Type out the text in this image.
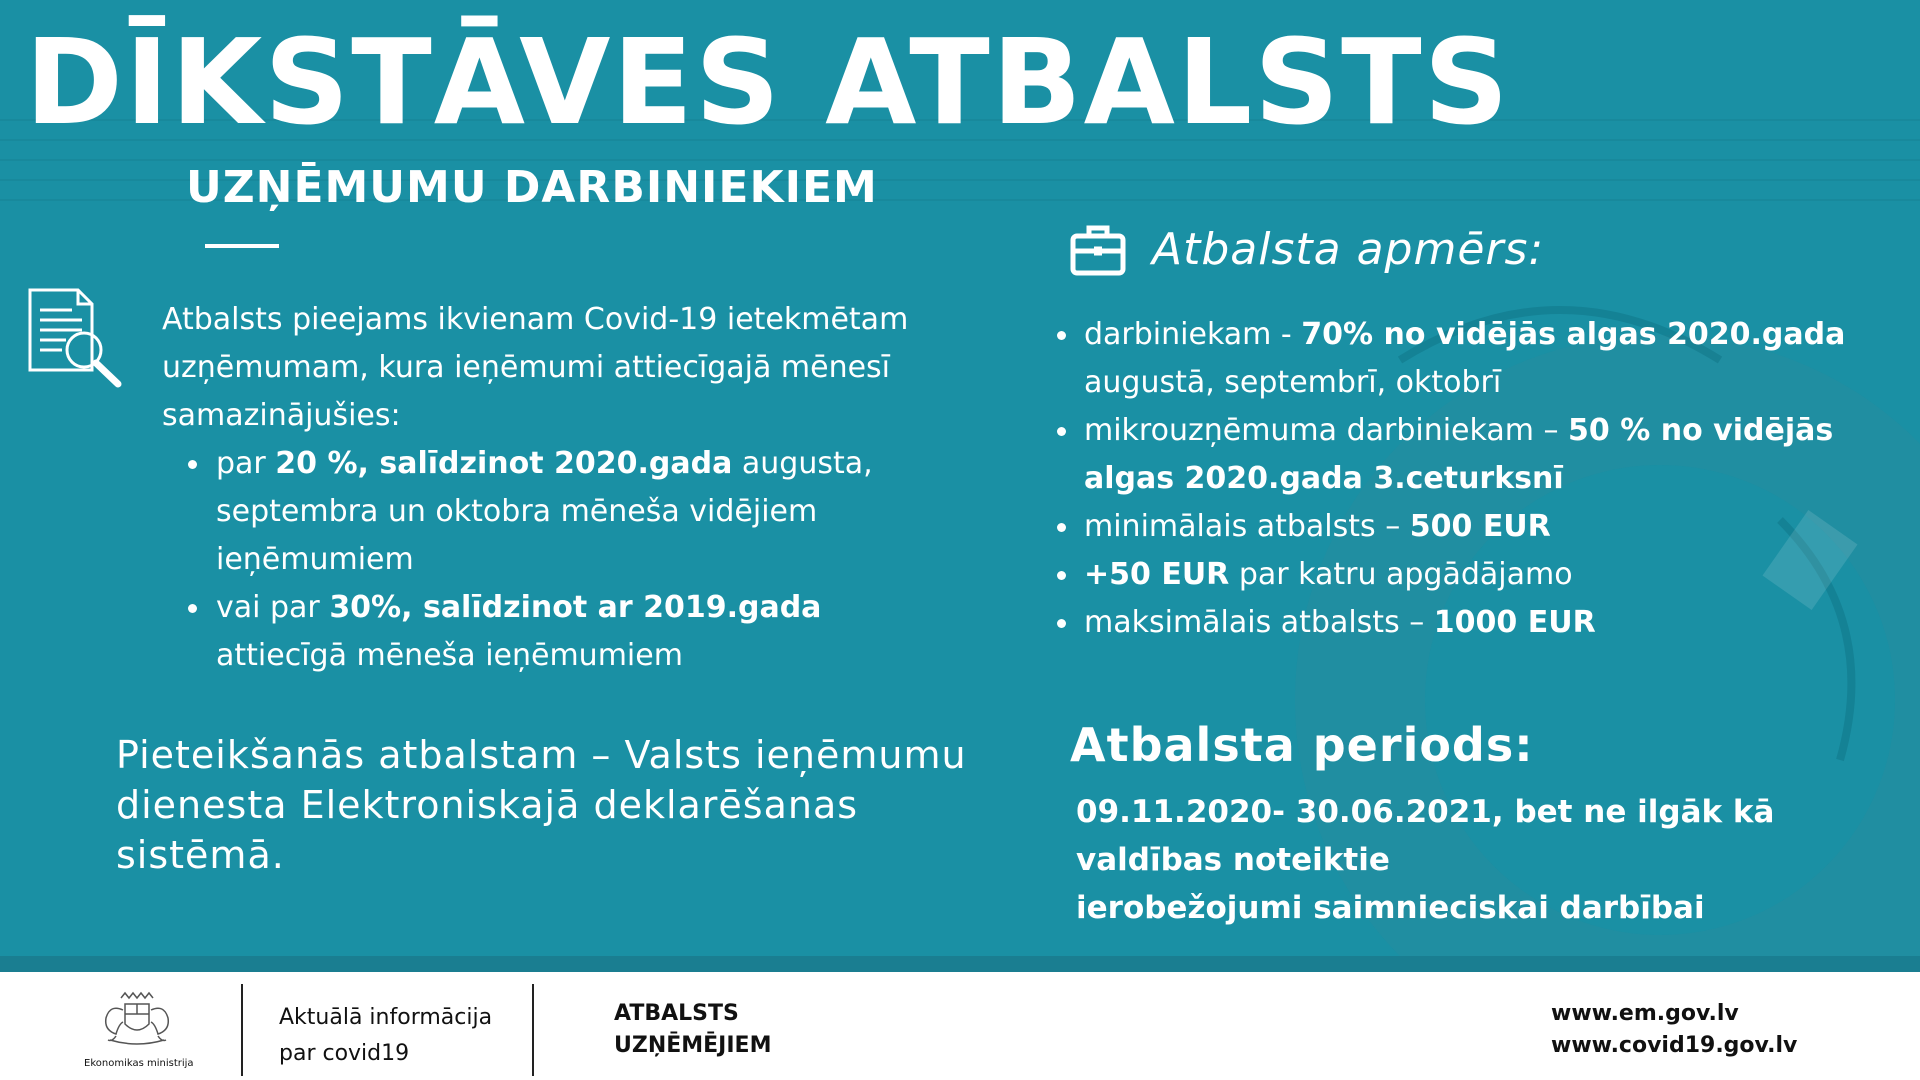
DĪKSTĀVES ATBALSTS
UZŅĒMUMU DARBINIEKIEM

Atbalsts pieejams ikvienam Covid-19 ietekmētam uzņēmumam, kura ieņēmumi attiecīgajā mēnesī samazinājušies:

par 20 %, salīdzinot 2020.gada augusta, septembra un oktobra mēneša vidējiem ieņēmumiem
vai par 30%, salīdzinot ar 2019.gada attiecīgā mēneša ieņēmumiem
Pieteikšanās atbalstam – Valsts ieņēmumu dienesta Elektroniskajā deklarēšanas sistēmā.
Atbalsta apmērs:
darbiniekam - 70% no vidējās algas 2020.gada augustā, septembrī, oktobrī
mikrouzņēmuma darbiniekam – 50 % no vidējās algas 2020.gada 3.ceturksnī
minimālais atbalsts – 500 EUR
+50 EUR par katru apgādājamo
maksimālais atbalsts – 1000 EUR
Atbalsta periods:
09.11.2020- 30.06.2021, bet ne ilgāk kā
valdības noteiktie
ierobežojumi saimnieciskai darbībai
Ekonomikas ministrija
Aktuālā informācija
par covid19
ATBALSTS
UZŅĒMĒJIEM
www.em.gov.lv
www.covid19.gov.lv
